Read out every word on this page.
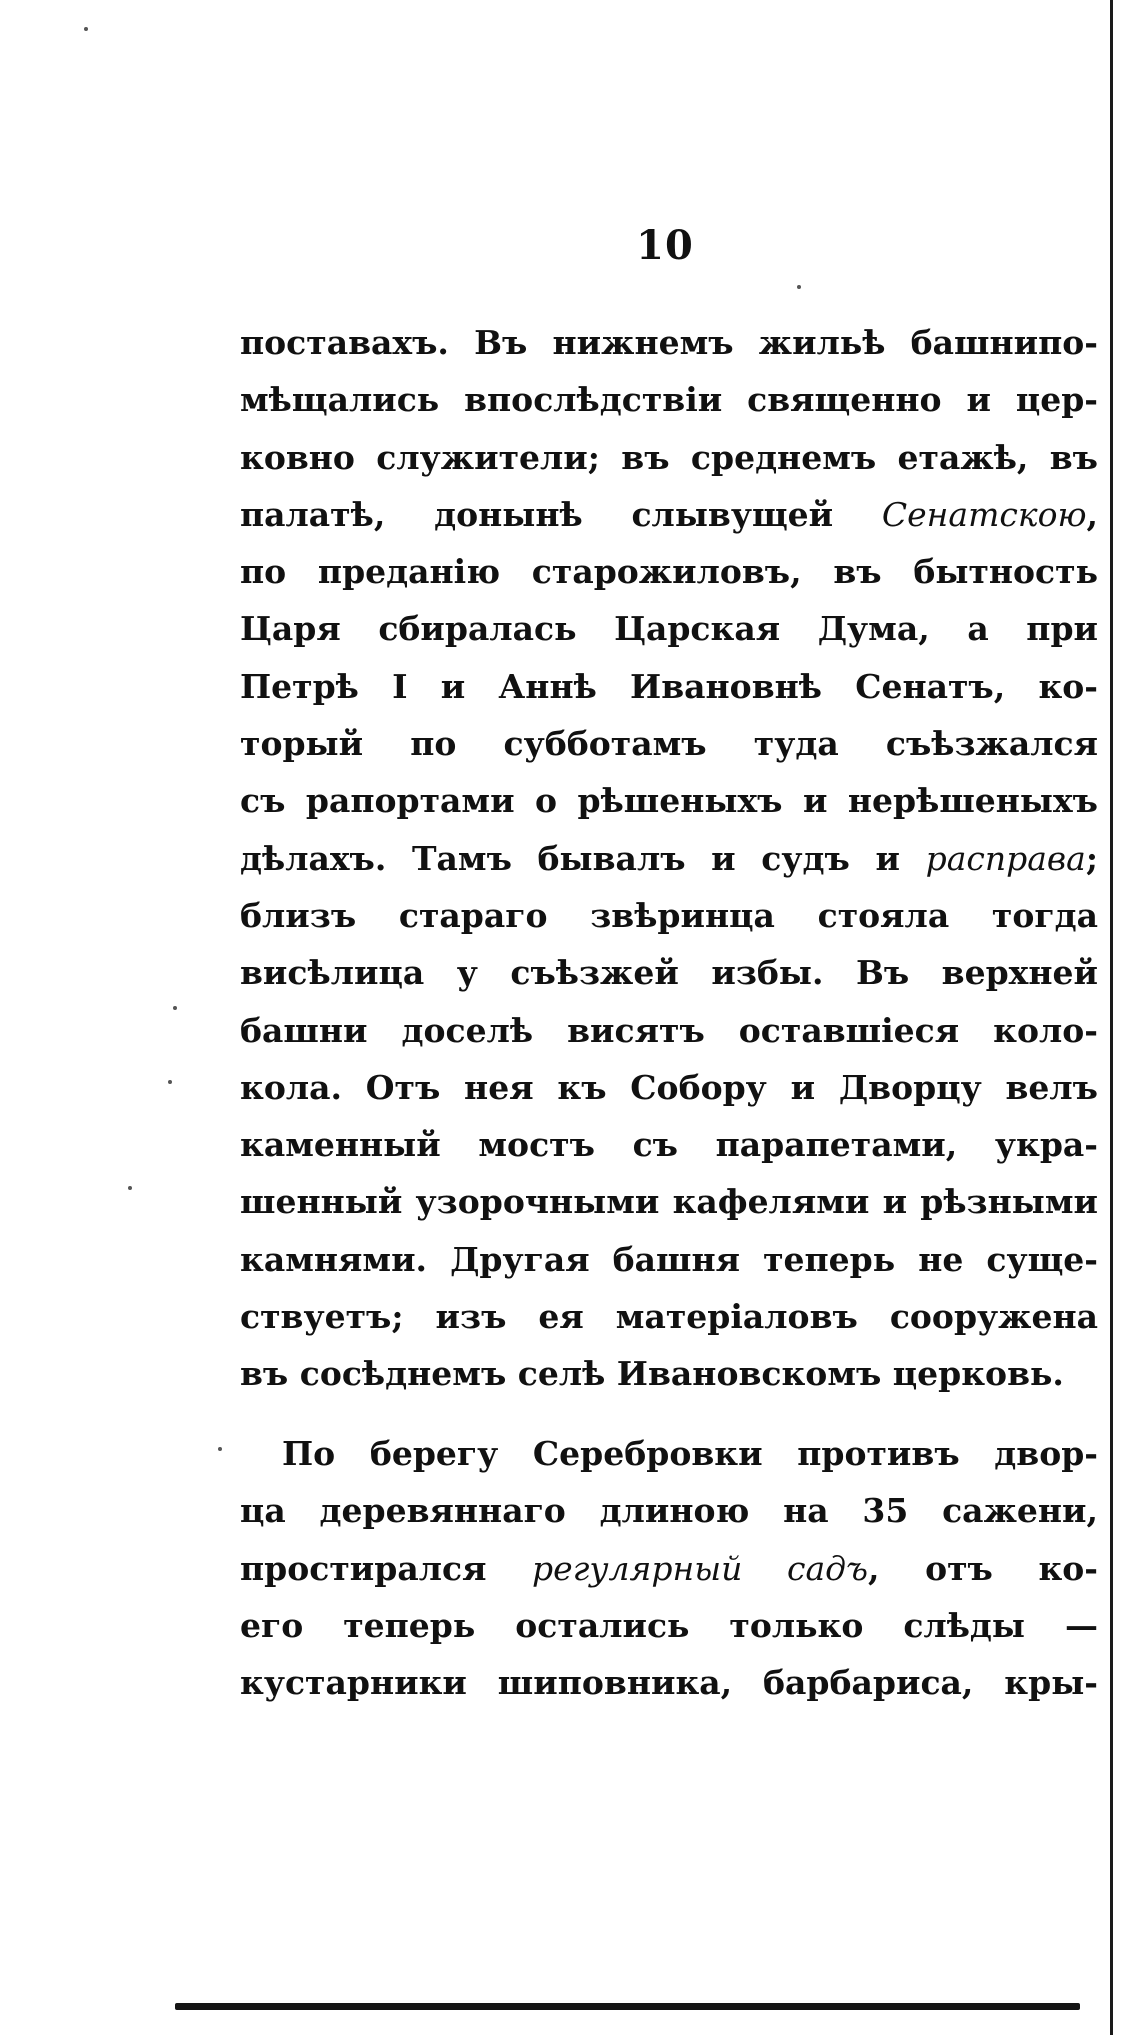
10
поставахъ. Въ нижнемъ жильѣ башнипо-
мѣщались впослѣдствіи священно и цер-
ковно служители; въ среднемъ етажѣ, въ
палатѣ, донынѣ слывущей Сенатскою,
по преданію старожиловъ, въ бытность
Царя сбиралась Царская Дума, а при
Петрѣ I и Аннѣ Ивановнѣ Сенатъ, ко-
торый по субботамъ туда съѣзжался
съ рапортами о рѣшеныхъ и нерѣшеныхъ
дѣлахъ. Тамъ бывалъ и судъ и расправа;
близъ стараго звѣринца стояла тогда
висѣлица у съѣзжей избы. Въ верхней
башни доселѣ висятъ оставшіеся коло-
кола. Отъ нея къ Собору и Дворцу велъ
каменный мостъ съ парапетами, укра-
шенный узорочными кафелями и рѣзными
камнями. Другая башня теперь не суще-
ствуетъ; изъ ея матеріаловъ сооружена
въ сосѣднемъ селѣ Ивановскомъ церковь.
По берегу Серебровки противъ двор-
ца деревяннаго длиною на 35 сажени,
простирался регулярный садъ, отъ ко-
его теперь остались только слѣды —
кустарники шиповника, барбариса, кры-
